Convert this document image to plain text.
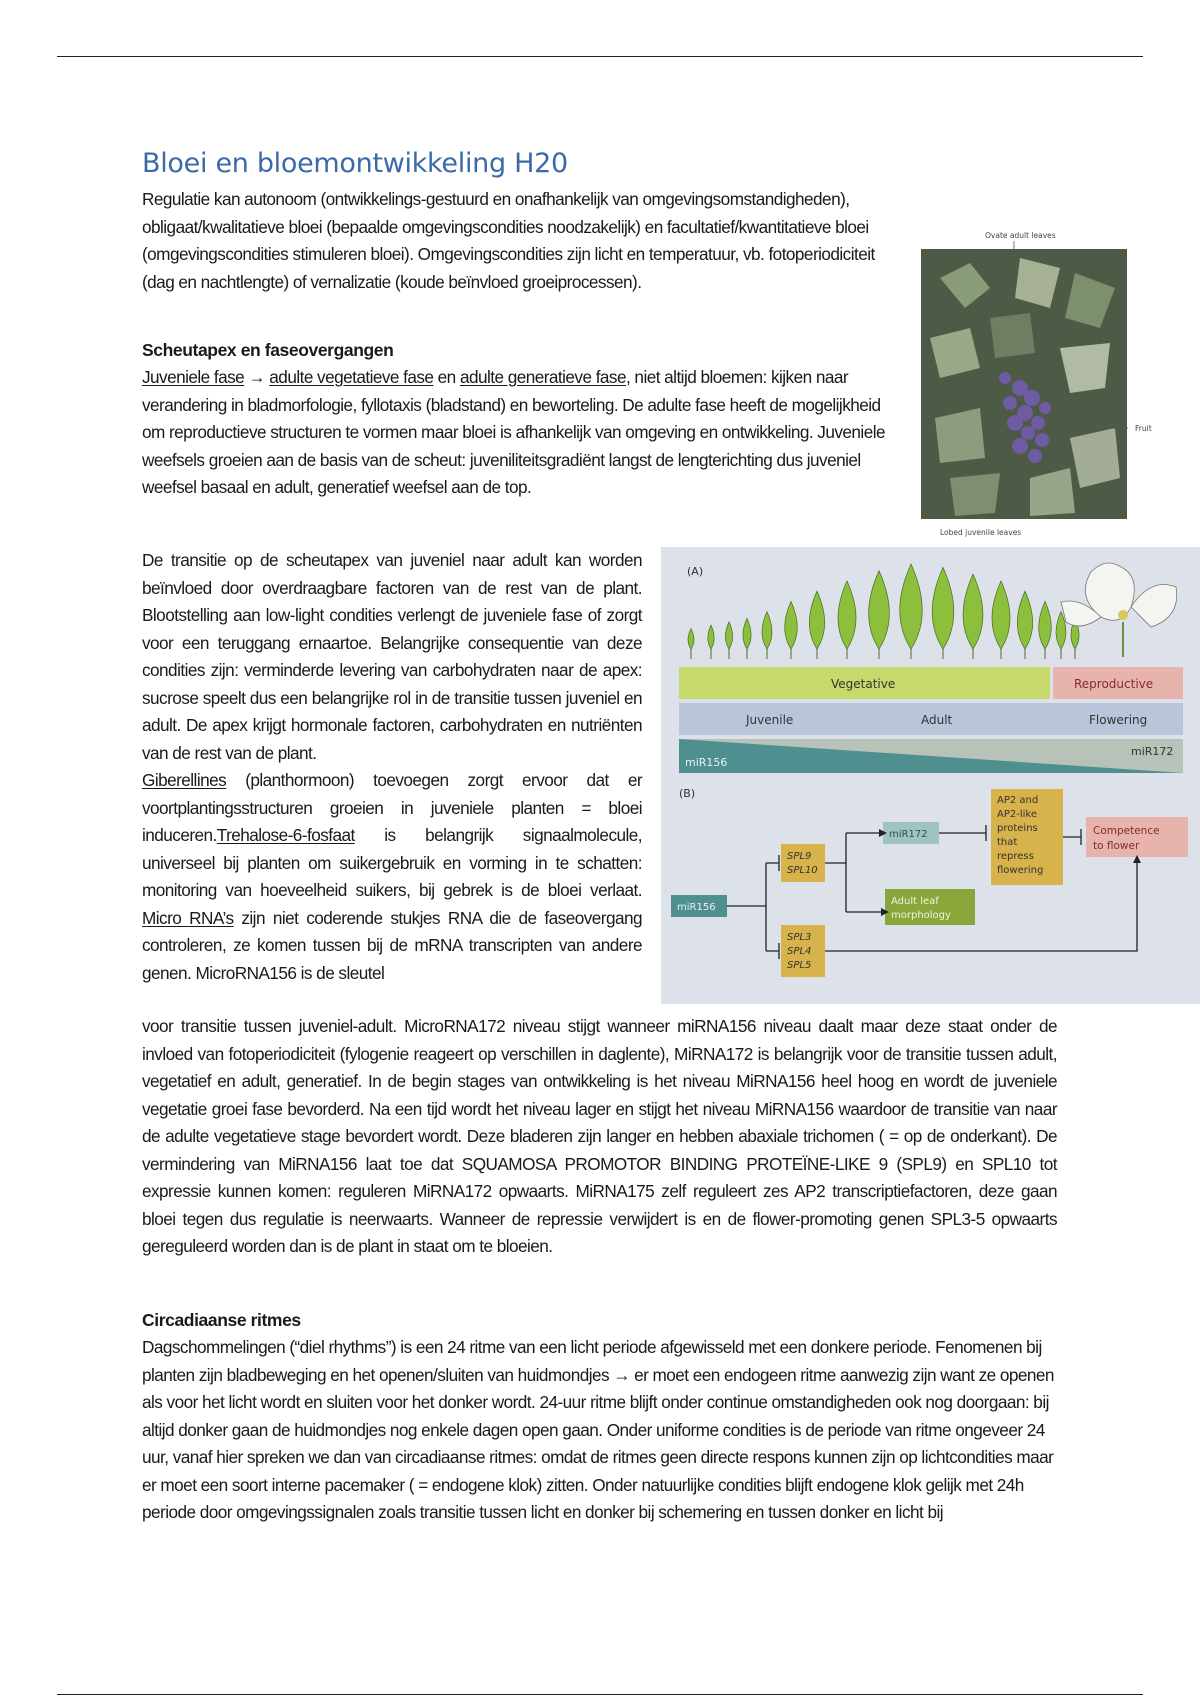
Bloei en bloemontwikkeling H20

Regulatie kan autonoom (ontwikkelings-gestuurd en onafhankelijk van omgevingsomstandigheden), obligaat/kwalitatieve bloei (bepaalde omgevingscondities noodzakelijk) en facultatief/kwantitatieve bloei (omgevingscondities stimuleren bloei). Omgevingscondities zijn licht en temperatuur, vb. fotoperiodiciteit (dag en nachtlengte) of vernalizatie (koude beïnvloed groeiprocessen).

Scheutapex en faseovergangen

Juveniele fase → adulte vegetatieve fase en adulte generatieve fase, niet altijd bloemen: kijken naar verandering in bladmorfologie, fyllotaxis (bladstand) en beworteling. De adulte fase heeft de mogelijkheid om reproductieve structuren te vormen maar bloei is afhankelijk van omgeving en ontwikkeling. Juveniele weefsels groeien aan de basis van de scheut: juveniliteitsgradiënt langst de lengterichting dus juveniel weefsel basaal en adult, generatief weefsel aan de top.

De transitie op de scheutapex van juveniel naar adult kan worden beïnvloed door overdraagbare factoren van de rest van de plant. Blootstelling aan low-light condities verlengt de juveniele fase of zorgt voor een teruggang ernaartoe. Belangrijke consequentie van deze condities zijn: verminderde levering van carbohydraten naar de apex: sucrose speelt dus een belangrijke rol in de transitie tussen juveniel en adult. De apex krijgt hormonale factoren, carbohydraten en nutriënten van de rest van de plant.

Giberellines (planthormoon) toevoegen zorgt ervoor dat er voortplantingsstructuren groeien in juveniele planten = bloei induceren.Trehalose-6-fosfaat is belangrijk signaalmolecule, universeel bij planten om suikergebruik en vorming in te schatten: monitoring van hoeveelheid suikers, bij gebrek is de bloei verlaat. Micro RNA’s zijn niet coderende stukjes RNA die de faseovergang controleren, ze komen tussen bij de mRNA transcripten van andere genen. MicroRNA156 is de sleutel

voor transitie tussen juveniel-adult. MicroRNA172 niveau stijgt wanneer miRNA156 niveau daalt maar deze staat onder de invloed van fotoperiodiciteit (fylogenie reageert op verschillen in daglente), MiRNA172 is belangrijk voor de transitie tussen adult, vegetatief en adult, generatief. In de begin stages van ontwikkeling is het niveau MiRNA156 heel hoog en wordt de juveniele vegetatie groei fase bevorderd. Na een tijd wordt het niveau lager en stijgt het niveau MiRNA156 waardoor de transitie van naar de adulte vegetatieve stage bevordert wordt. Deze bladeren zijn langer en hebben abaxiale trichomen ( = op de onderkant). De vermindering van MiRNA156 laat toe dat SQUAMOSA PROMOTOR BINDING PROTEÏNE-LIKE 9 (SPL9) en SPL10 tot expressie kunnen komen: reguleren MiRNA172 opwaarts. MiRNA175 zelf reguleert zes AP2 transcriptiefactoren, deze gaan bloei tegen dus regulatie is neerwaarts. Wanneer de repressie verwijdert is en de flower-promoting genen SPL3-5 opwaarts gereguleerd worden dan is de plant in staat om te bloeien.

Circadiaanse ritmes

Dagschommelingen (“diel rhythms”) is een 24 ritme van een licht periode afgewisseld met een donkere periode. Fenomenen bij planten zijn bladbeweging en het openen/sluiten van huidmondjes → er moet een endogeen ritme aanwezig zijn want ze openen als voor het licht wordt en sluiten voor het donker wordt. 24-uur ritme blijft onder continue omstandigheden ook nog doorgaan: bij altijd donker gaan de huidmondjes nog enkele dagen open gaan. Onder uniforme condities is de periode van ritme ongeveer 24 uur, vanaf hier spreken we dan van circadiaanse ritmes: omdat de ritmes geen directe respons kunnen zijn op lichtcondities maar er moet een soort interne pacemaker ( = endogene klok) zitten. Onder natuurlijke condities blijft endogene klok gelijk met 24h periode door omgevingssignalen zoals transitie tussen licht en donker bij schemering en tussen donker en licht bij

Ovate adult leaves
Fruit
Lobed juvenile leaves
(A)
Vegetative	Reproductive
Juvenile	Adult	Flowering
miR156
miR172
(B)
miR156
SPL9
SPL10
SPL3
SPL4
SPL5
miR172
Adult leaf
morphology
AP2 and
AP2-like
proteins
that
repress
flowering
Competence
to flower
